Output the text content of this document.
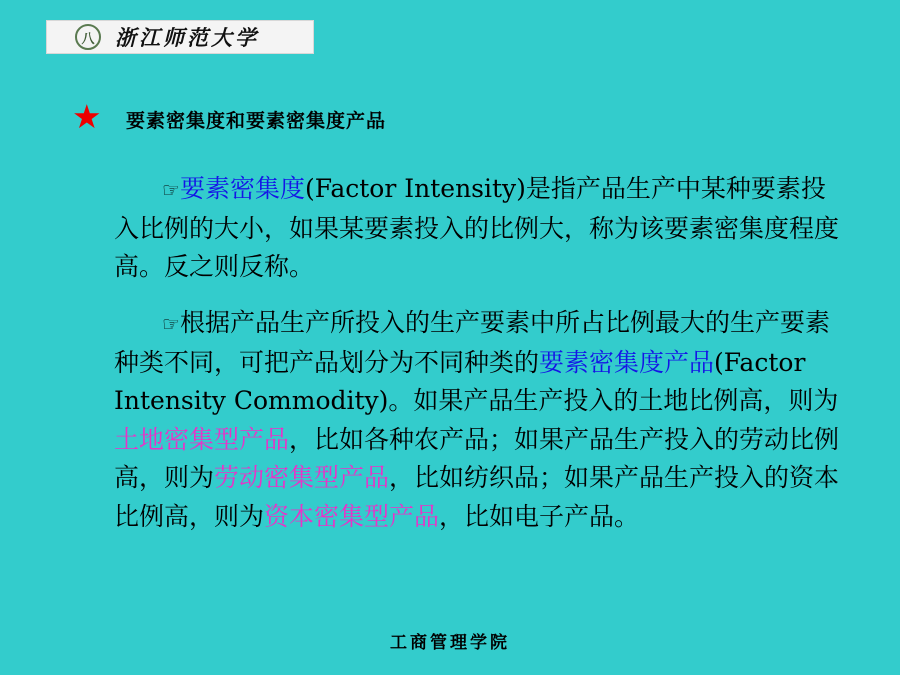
八 浙江师范大学
★ 要素密集度和要素密集度产品

☞要素密集度(Factor Intensity)是指产品生产中某种要素投入比例的大小，如果某要素投入的比例大，称为该要素密集度程度高。反之则反称。

☞根据产品生产所投入的生产要素中所占比例最大的生产要素种类不同，可把产品划分为不同种类的要素密集度产品(Factor Intensity Commodity)。如果产品生产投入的土地比例高，则为土地密集型产品，比如各种农产品；如果产品生产投入的劳动比例高，则为劳动密集型产品，比如纺织品；如果产品生产投入的资本比例高，则为资本密集型产品，比如电子产品。

工商管理学院
